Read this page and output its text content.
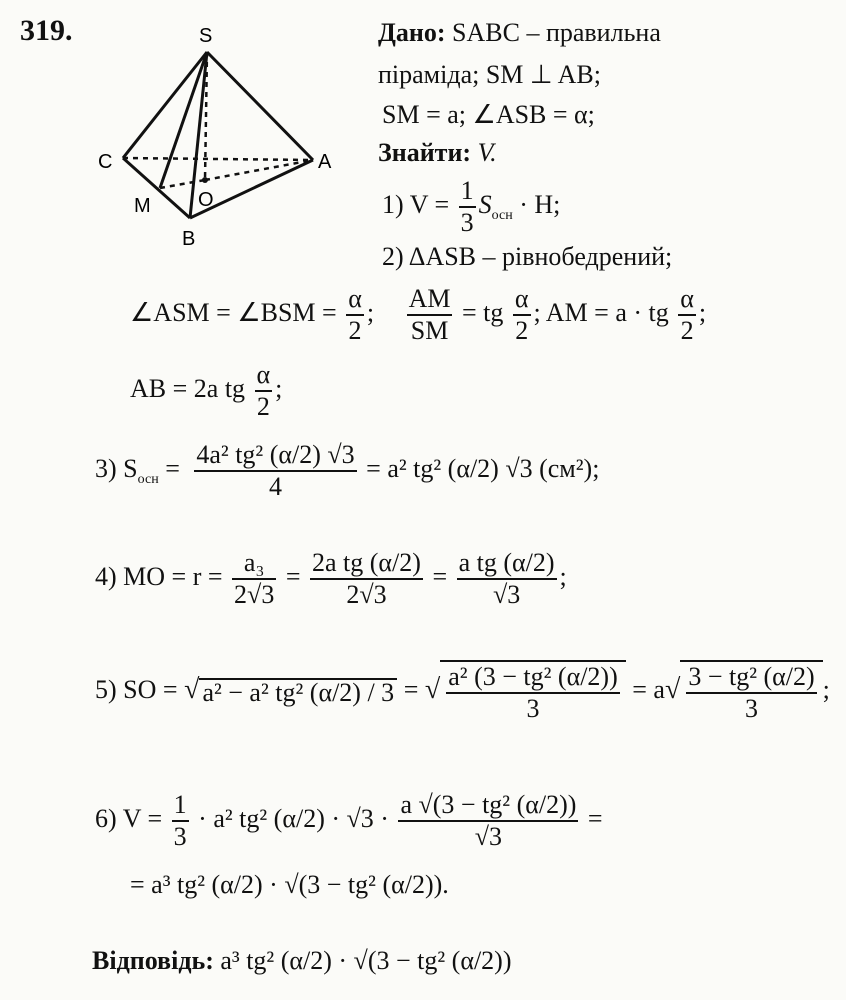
319.	S
C	A
M O
B
Дано: SABC – правильна
піраміда; SM ⊥ AB;
SM = a; ∠ASB = α;
Знайти: V.
1) $V = \frac{1}{3} S_{осн} \cdot H$;
2) ΔASB – рівнобедрений;
∠ASM = ∠BSM = $\frac{\alpha}{2}$ ; $\frac{AM}{SM}$ = tg $\frac{\alpha}{2}$ ; AM = a · tg $\frac{\alpha}{2}$ ;
AB = 2a tg $\frac{\alpha}{2}$ ;
3) $S_{осн} = \frac{\text{4a² tg² (α/2) √3}}{4} = a^2$ tg² (α/2) √3 (см²);
4) MO = $r = \frac{\text{a₃}}{2√3} = \frac{\text{2a tg (α/2)}}{2√3} = \frac{\text{a tg (α/2)}}{√3}$ ;
5) SO = √ a² − a² tg² (α/2) / 3 = √ $\frac{\text{a² (3 − tg² (α/2))}}{3} = a√ \frac{\text{3 − tg² (α/2)}}{3}$ ;
6) $V = \frac{1}{3} \cdot a^2$ tg² $(\alpha/2) \cdot √3 \cdot \frac{\text{a √(3 − tg² (α/2))}}{√3}$ =
= a³ tg² (α/2) · √(3 − tg² (α/2)).
Відповідь: a³ tg² (α/2) · √(3 − tg² (α/2))
